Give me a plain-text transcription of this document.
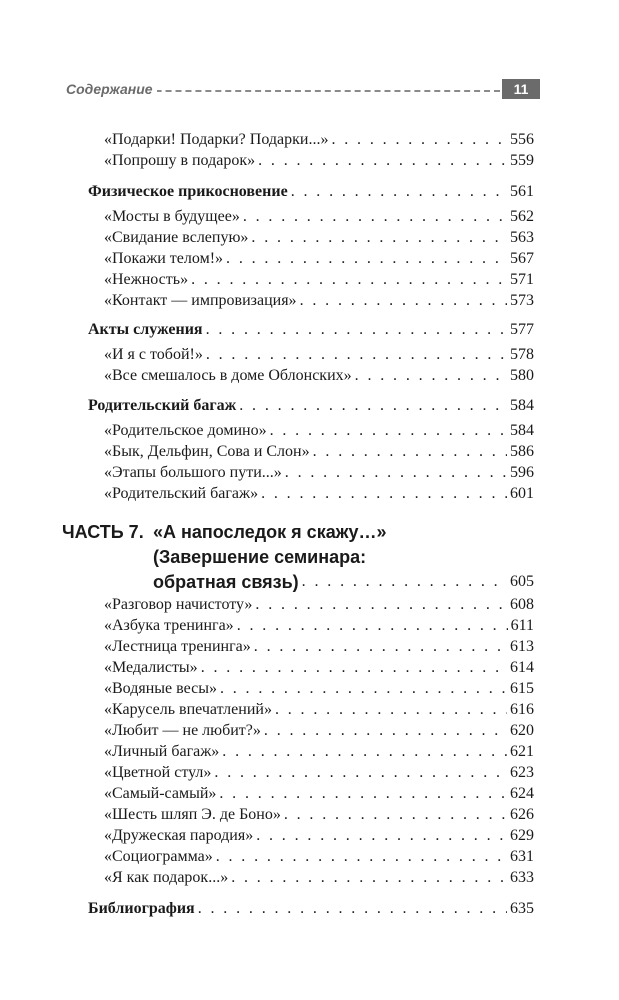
Содержание	11
«Подарки! Подарки? Подарки...» . . .	556
«Попрошу в подарок» . . .	559
Физическое прикосновение . . .	561
«Мосты в будущее» . . .	562
«Свидание вслепую» . . .	563
«Покажи телом!» . . .	567
«Нежность» . . .	571
«Контакт — импровизация» . . .	573
Акты служения . . .	577
«И я с тобой!» . . .	578
«Все смешалось в доме Облонских» . . .	580
Родительский багаж . . .	584
«Родительское домино» . . .	584
«Бык, Дельфин, Сова и Слон» . . .	586
«Этапы большого пути...» . . .	596
«Родительский багаж» . . .	601
ЧАСТЬ 7. «А напоследок я скажу…»
(Завершение семинара:
обратная связь) . . .	605
«Разговор начистоту» . . .	608
«Азбука тренинга» . . .	611
«Лестница тренинга» . . .	613
«Медалисты» . . .	614
«Водяные весы» . . .	615
«Карусель впечатлений» . . .	616
«Любит — не любит?» . . .	620
«Личный багаж» . . .	621
«Цветной стул» . . .	623
«Самый-самый» . . .	624
«Шесть шляп Э. де Боно» . . .	626
«Дружеская пародия» . . .	629
«Социограмма» . . .	631
«Я как подарок...» . . .	633
Библиография . . .	635
